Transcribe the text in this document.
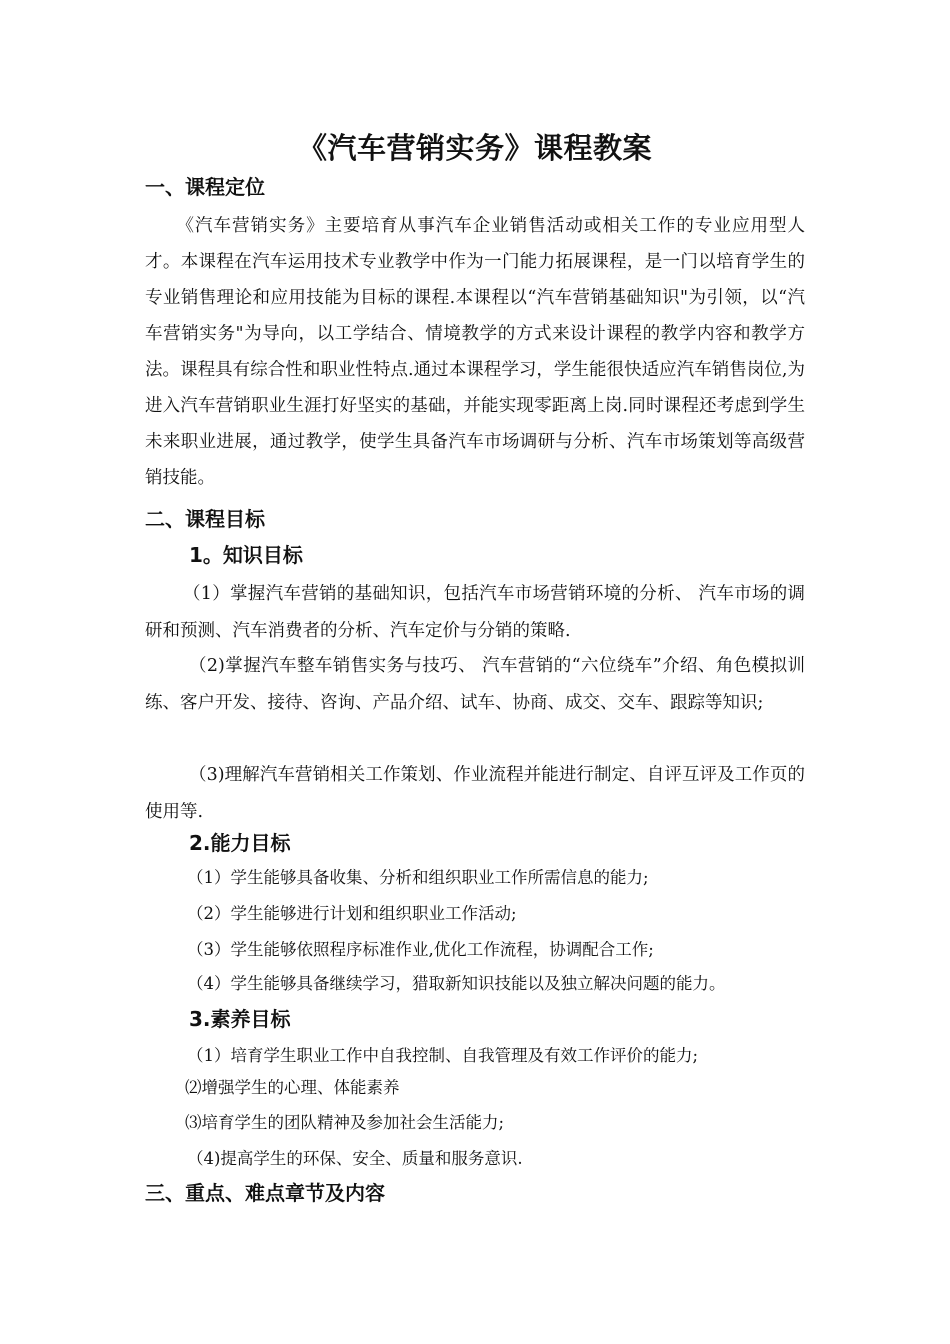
《汽车营销实务》课程教案
一、课程定位

《汽车营销实务》主要培育从事汽车企业销售活动或相关工作的专业应用型人才。本课程在汽车运用技术专业教学中作为一门能力拓展课程，是一门以培育学生的专业销售理论和应用技能为目标的课程.本课程以“汽车营销基础知识"为引领，以“汽车营销实务"为导向，以工学结合、情境教学的方式来设计课程的教学内容和教学方法。课程具有综合性和职业性特点.通过本课程学习，学生能很快适应汽车销售岗位,为进入汽车营销职业生涯打好坚实的基础，并能实现零距离上岗.同时课程还考虑到学生未来职业进展，通过教学，使学生具备汽车市场调研与分析、汽车市场策划等高级营销技能。

二、课程目标
1。知识目标

（1）掌握汽车营销的基础知识，包括汽车市场营销环境的分析、 汽车市场的调研和预测、汽车消费者的分析、汽车定价与分销的策略.

（2)掌握汽车整车销售实务与技巧、 汽车营销的“六位绕车”介绍、角色模拟训练、客户开发、接待、咨询、产品介绍、试车、协商、成交、交车、跟踪等知识;

（3)理解汽车营销相关工作策划、作业流程并能进行制定、自评互评及工作页的使用等.

2.能力目标
（1）学生能够具备收集、分析和组织职业工作所需信息的能力;
（2）学生能够进行计划和组织职业工作活动;
（3）学生能够依照程序标准作业,优化工作流程，协调配合工作;
（4）学生能够具备继续学习，猎取新知识技能以及独立解决问题的能力。
3.素养目标
（1）培育学生职业工作中自我控制、自我管理及有效工作评价的能力;
⑵增强学生的心理、体能素养
⑶培育学生的团队精神及参加社会生活能力;
（4)提高学生的环保、安全、质量和服务意识.
三、重点、难点章节及内容
